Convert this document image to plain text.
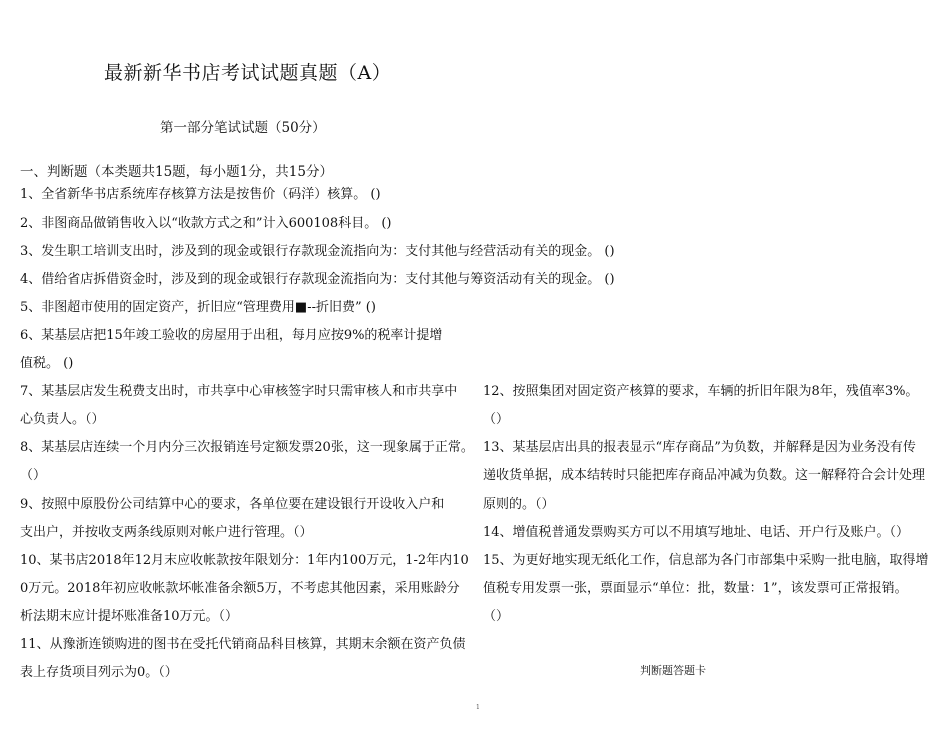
最新新华书店考试试题真题（A）
第一部分笔试试题（50分）
一、判断题（本类题共15题，每小题1分，共15分）
1、全省新华书店系统库存核算方法是按售价（码洋）核算。 ()
2、非图商品做销售收入以“收款方式之和”计入600108科目。 ()
3、发生职工培训支出时，涉及到的现金或银行存款现金流指向为：支付其他与经营活动有关的现金。 ()
4、借给省店拆借资金时，涉及到的现金或银行存款现金流指向为：支付其他与筹资活动有关的现金。 ()
5、非图超市使用的固定资产，折旧应“管理费用■--折旧费” ()
6、某基层店把15年竣工验收的房屋用于出租，每月应按9%的税率计提增
值税。 ()
7、某基层店发生税费支出时，市共享中心审核签字时只需审核人和市共享中
心负责人。（）
8、某基层店连续一个月内分三次报销连号定额发票20张，这一现象属于正常。
（）
9、按照中原股份公司结算中心的要求，各单位要在建设银行开设收入户和
支出户，并按收支两条线原则对帐户进行管理。（）
10、某书店2018年12月末应收帐款按年限划分：1年内100万元，1-2年内10
0万元。2018年初应收帐款坏帐准备余额5万，不考虑其他因素，采用账龄分
析法期末应计提坏账准备10万元。（）
11、从豫浙连锁购进的图书在受托代销商品科目核算，其期末余额在资产负债
表上存货项目列示为0。（）
12、按照集团对固定资产核算的要求，车辆的折旧年限为8年，残值率3%。
（）
13、某基层店出具的报表显示“库存商品”为负数，并解释是因为业务没有传
递收货单据，成本结转时只能把库存商品冲减为负数。这一解释符合会计处理
原则的。（）
14、增值税普通发票购买方可以不用填写地址、电话、开户行及账户。（）
15、为更好地实现无纸化工作，信息部为各门市部集中采购一批电脑，取得增
值税专用发票一张，票面显示“单位：批，数量：1”，该发票可正常报销。
（）
判断题答题卡
1
